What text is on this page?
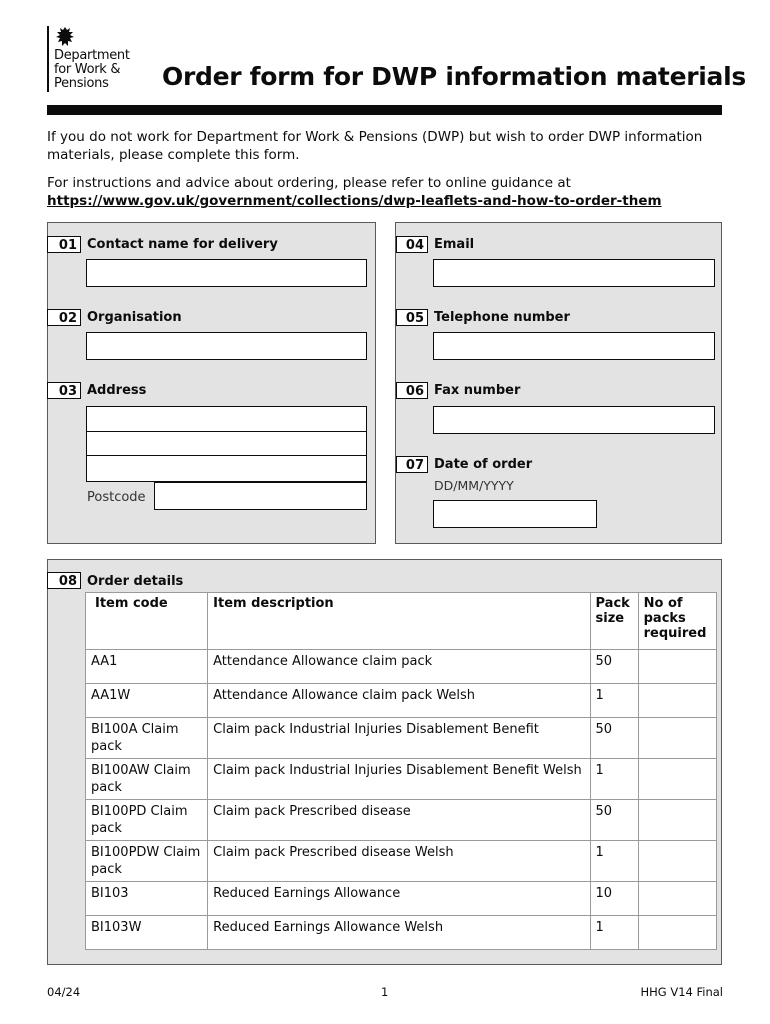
Department
for Work &
Pensions	Order form for DWP information materials
If you do not work for Department for Work & Pensions (DWP) but wish to order DWP information materials, please complete this form.
For instructions and advice about ordering, please refer to online guidance at
https://www.gov.uk/government/collections/dwp-leaflets-and-how-to-order-them
01 Contact name for delivery
02 Organisation
03 Address
Postcode
04 Email
05 Telephone number
06 Fax number
07 Date of order
DD/MM/YYYY
08 Order details
Item code	Item description	Pack size	No of packs required
AA1	Attendance Allowance claim pack	50	
AA1W	Attendance Allowance claim pack Welsh	1	
BI100A Claim pack	Claim pack Industrial Injuries Disablement Benefit	50	
BI100AW Claim pack	Claim pack Industrial Injuries Disablement Benefit Welsh	1	
BI100PD Claim pack	Claim pack Prescribed disease	50	
BI100PDW Claim pack	Claim pack Prescribed disease Welsh	1	
BI103	Reduced Earnings Allowance	10	
BI103W	Reduced Earnings Allowance Welsh	1	
04/24	1	HHG V14 Final
